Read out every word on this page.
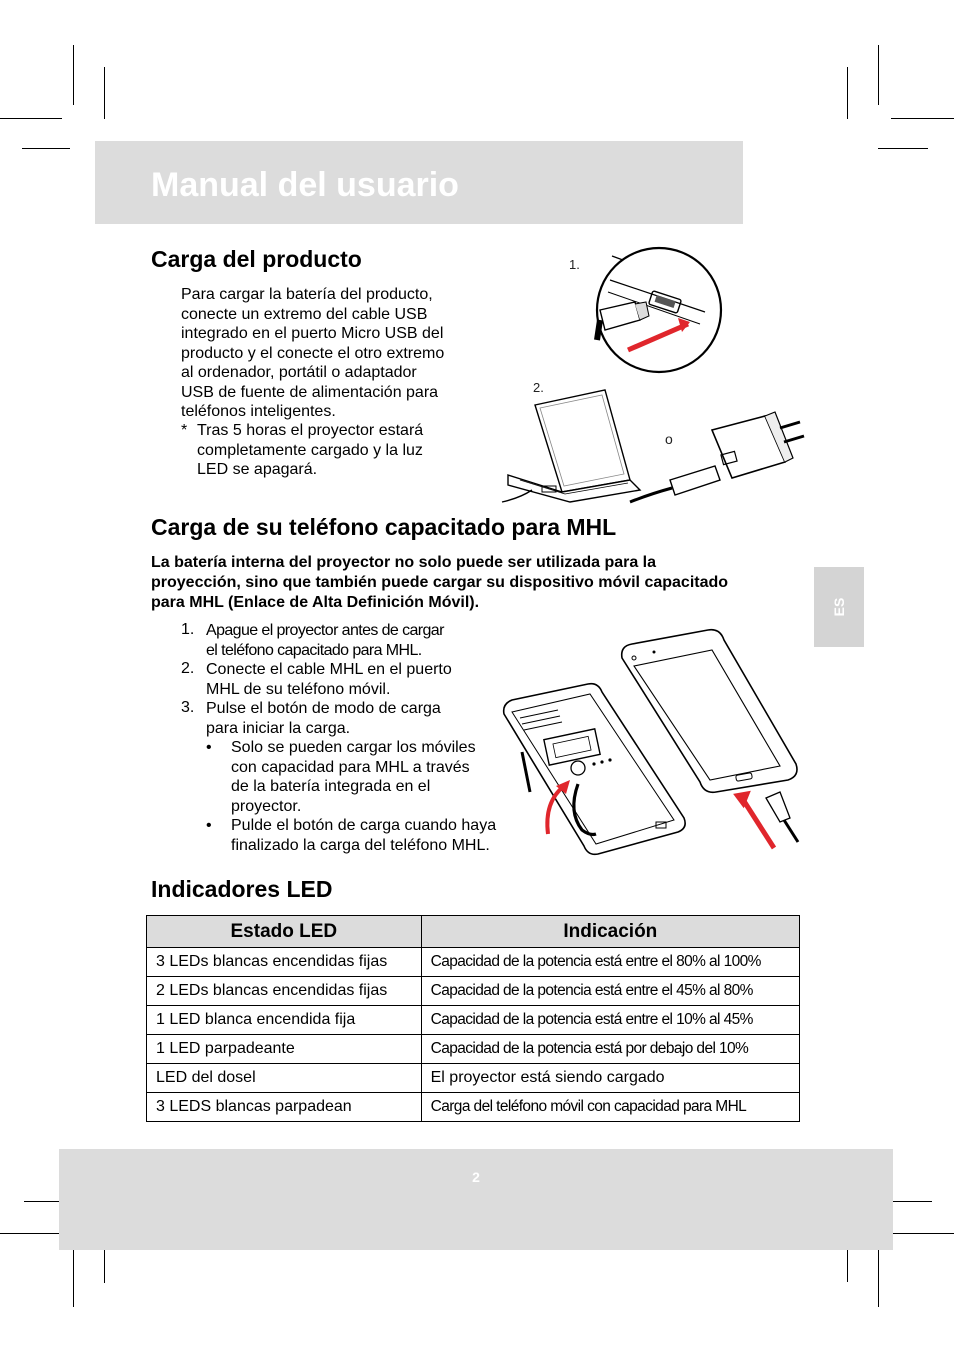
Manual del usuario
ES
Carga del producto
Para cargar la batería del producto,
conecte un extremo del cable USB
integrado en el puerto Micro USB del
producto y el conecte el otro extremo
al ordenador, portátil o adaptador
USB de fuente de alimentación para
teléfonos inteligentes.
* Tras 5 horas el proyector estará
completamente cargado y la luz
LED se apagará.
1.
2.
o
Carga de su teléfono capacitado para MHL
La batería interna del proyector no solo puede ser utilizada para la
proyección, sino que también puede cargar su dispositivo móvil capacitado
para MHL (Enlace de Alta Definición Móvil).
1. Apague el proyector antes de cargar
el teléfono capacitado para MHL.
2. Conecte el cable MHL en el puerto
MHL de su teléfono móvil.
3. Pulse el botón de modo de carga
para iniciar la carga.
• Solo se pueden cargar los móviles
con capacidad para MHL a través
de la batería integrada en el
proyector.
• Pulde el botón de carga cuando haya
finalizado la carga del teléfono MHL.
Indicadores LED
Estado LED	Indicación
3 LEDs blancas encendidas fijas	Capacidad de la potencia está entre el 80% al 100%
2 LEDs blancas encendidas fijas	Capacidad de la potencia está entre el 45% al 80%
1 LED blanca encendida fija	Capacidad de la potencia está entre el 10% al 45%
1 LED parpadeante	Capacidad de la potencia está por debajo del 10%
LED del dosel	El proyector está siendo cargado
3 LEDS blancas parpadean	Carga del teléfono móvil con capacidad para MHL
2
